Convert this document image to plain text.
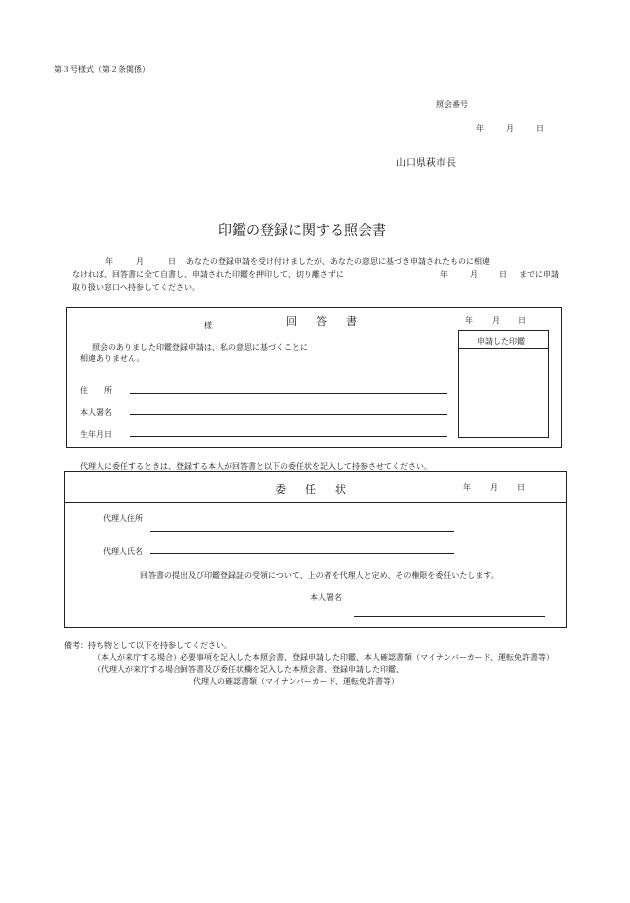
第３号様式（第２条関係）
照会番号
年	月	日
山口県萩市長
印鑑の登録に関する照会書
年	月	日 あなたの登録申請を受け付けましたが、あなたの意思に基づき申請されたものに相違
なければ、回答書に全て自書し、申請された印鑑を押印して、切り離さずに	年	月	日 までに申請
取り扱い窓口へ持参してください。
様	回　答　書	年 月 日
申請した印鑑
照会のありました印鑑登録申請は、私の意思に基づくことに
相違ありません。
住　　所
本人署名
生年月日
代理人に委任するときは、登録する本人が回答書と以下の委任状を記入して持参させてください。
委　任　状	年 月 日
代理人住所
代理人氏名
回答書の提出及び印鑑登録証の受領について、上の者を代理人と定め、その権限を委任いたします。
本人署名
備考：持ち物として以下を持参してください。
（本人が来庁する場合） 必要事項を記入した本照会書、登録申請した印鑑、本人確認書類（マイナンバーカード、運転免許書等）
（代理人が来庁する場合）
回答書及び委任状欄を記入した本照会書、登録申請した印鑑、
代理人の確認書類（マイナンバーカード、運転免許書等）
